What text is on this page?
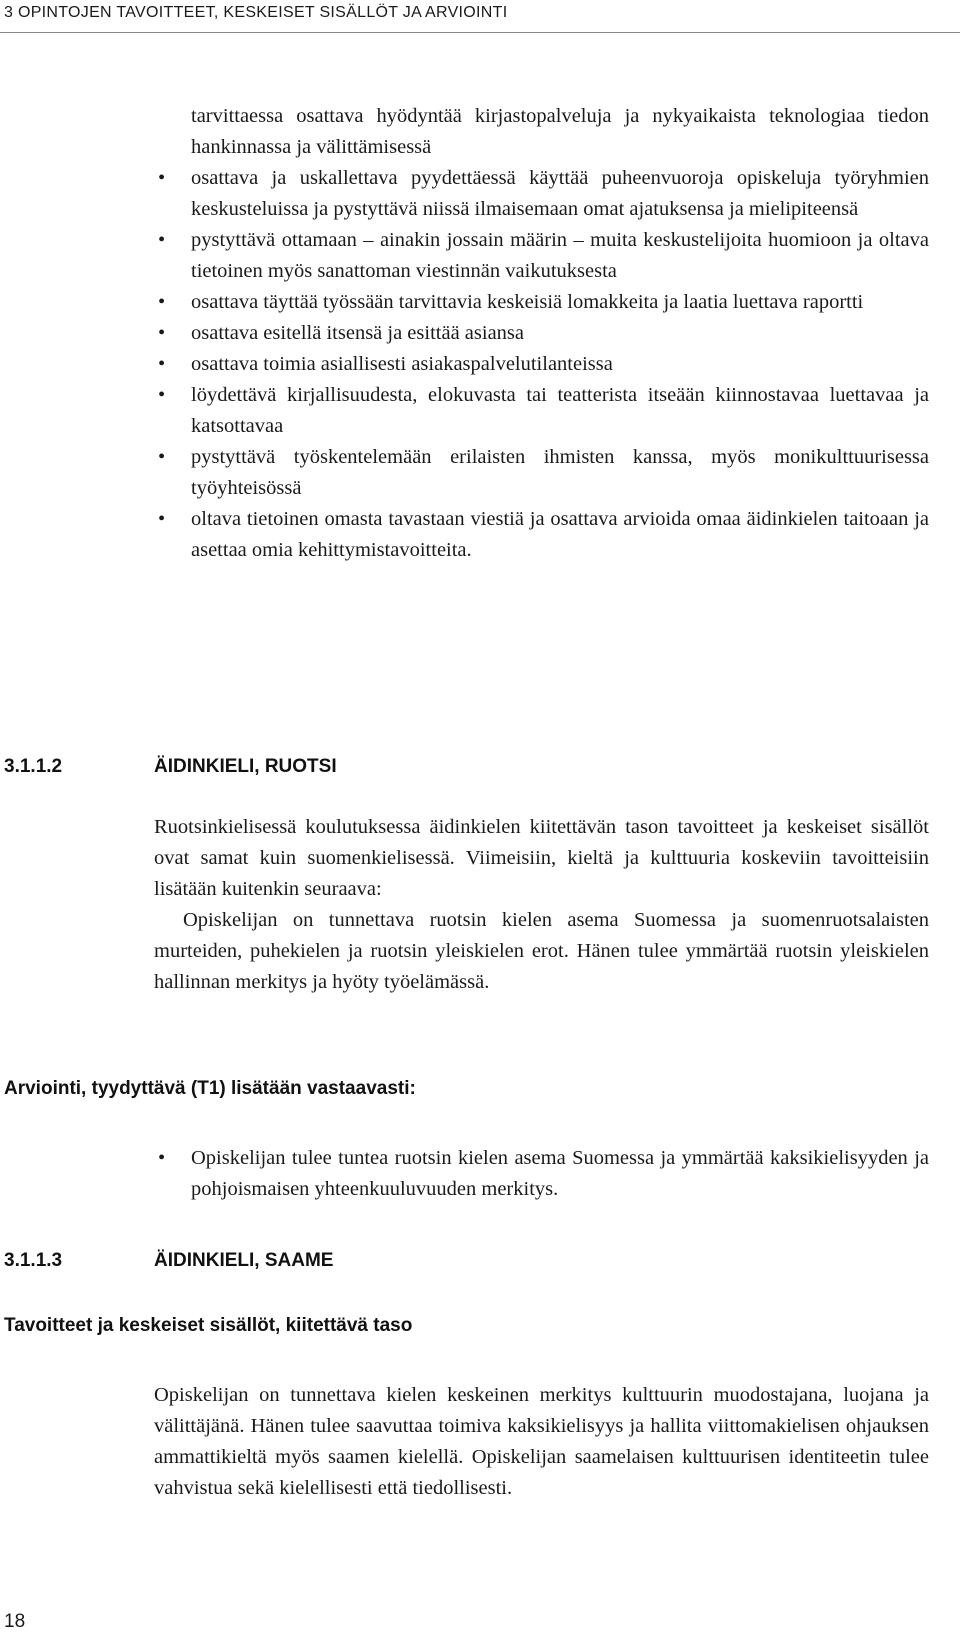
3 OPINTOJEN TAVOITTEET, KESKEISET SISÄLLÖT JA ARVIOINTI

tarvittaessa osattava hyödyntää kirjastopalveluja ja nykyaikaista teknologiaa tiedon hankinnassa ja välittämisessä

• osattava ja uskallettava pyydettäessä käyttää puheenvuoroja opiskeluja työryhmien keskusteluissa ja pystyttävä niissä ilmaisemaan omat ajatuksensa ja mielipiteensä
• pystyttävä ottamaan – ainakin jossain määrin – muita keskustelijoita huomioon ja oltava tietoinen myös sanattoman viestinnän vaikutuksesta
• osattava täyttää työssään tarvittavia keskeisiä lomakkeita ja laatia luettava raportti
• osattava esitellä itsensä ja esittää asiansa
• osattava toimia asiallisesti asiakaspalvelutilanteissa
• löydettävä kirjallisuudesta, elokuvasta tai teatterista itseään kiinnostavaa luettavaa ja katsottavaa
• pystyttävä työskentelemään erilaisten ihmisten kanssa, myös monikulttuurisessa työyhteisössä
• oltava tietoinen omasta tavastaan viestiä ja osattava arvioida omaa äidinkielen taitoaan ja asettaa omia kehittymistavoitteita.
3.1.1.2	ÄIDINKIELI, RUOTSI

Ruotsinkielisessä koulutuksessa äidinkielen kiitettävän tason tavoitteet ja keskeiset sisällöt ovat samat kuin suomenkielisessä. Viimeisiin, kieltä ja kulttuuria koskeviin tavoitteisiin lisätään kuitenkin seuraava:

Opiskelijan on tunnettava ruotsin kielen asema Suomessa ja suomenruotsalaisten murteiden, puhekielen ja ruotsin yleiskielen erot. Hänen tulee ymmärtää ruotsin yleiskielen hallinnan merkitys ja hyöty työelämässä.

Arviointi, tyydyttävä (T1) lisätään vastaavasti:
• Opiskelijan tulee tuntea ruotsin kielen asema Suomessa ja ymmärtää kaksikielisyyden ja pohjoismaisen yhteenkuuluvuuden merkitys.
3.1.1.3	ÄIDINKIELI, SAAME
Tavoitteet ja keskeiset sisällöt, kiitettävä taso

Opiskelijan on tunnettava kielen keskeinen merkitys kulttuurin muodostajana, luojana ja välittäjänä. Hänen tulee saavuttaa toimiva kaksikielisyys ja hallita viittomakielisen ohjauksen ammattikieltä myös saamen kielellä. Opiskelijan saamelaisen kulttuurisen identiteetin tulee vahvistua sekä kielellisesti että tiedollisesti.

18
